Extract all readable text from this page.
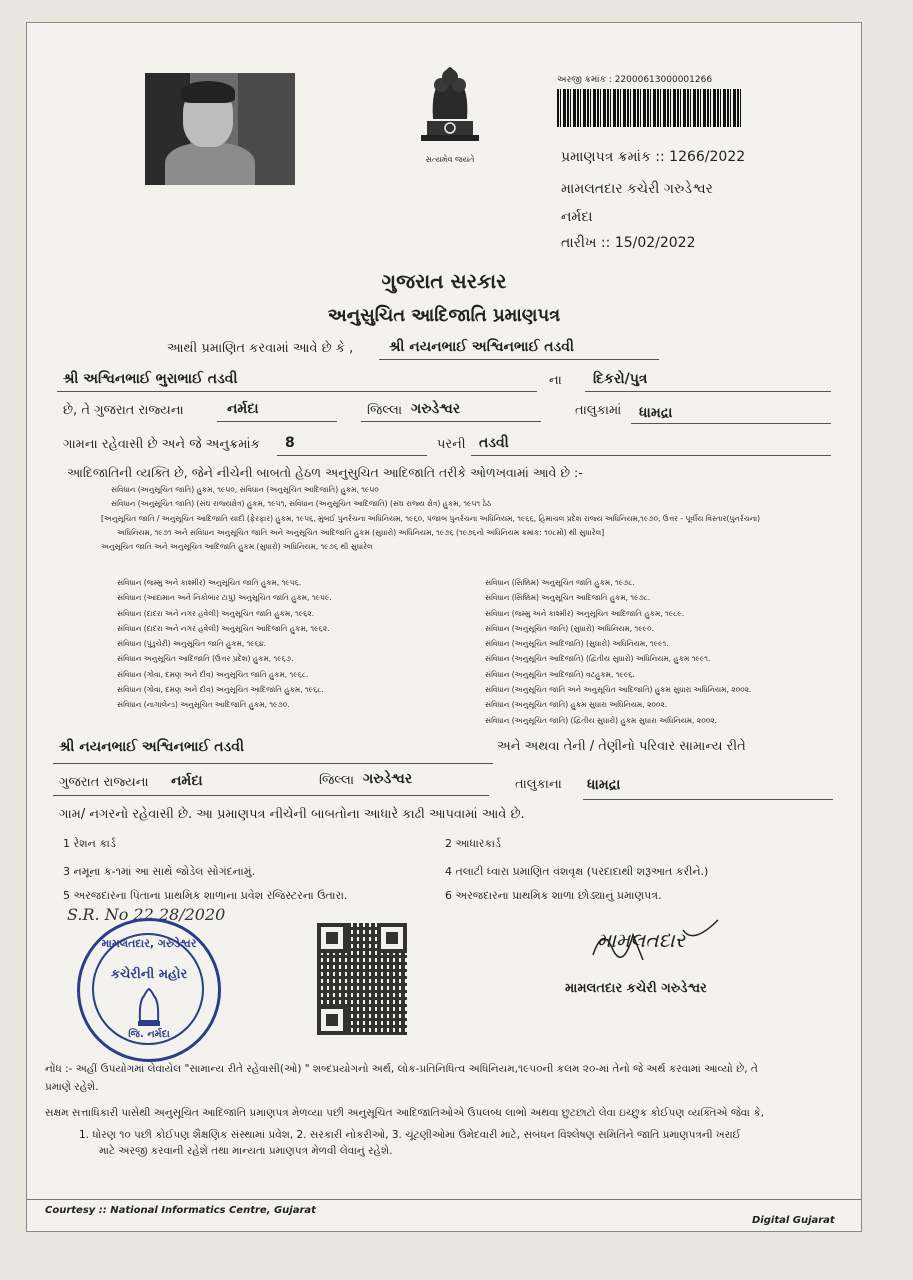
સત્યમેવ જયતે
અરજી ક્રમાંક : 22000613000001266
પ્રમાણપત્ર ક્રમાંક :: 1266/2022
મામલતદાર કચેરી ગરુડેશ્વર
નર્મદા
તારીખ :: 15/02/2022
ગુજરાત સરકાર
અનુસુચિત આદિજાતિ પ્રમાણપત્ર
આથી પ્રમાણિત કરવામાં આવે છે કે ,	શ્રી નયનભાઈ અશ્વિનભાઈ તડવી
શ્રી અશ્વિનભાઈ ભુરાભાઈ તડવી	ના દિકરો/પુત્ર
છે, તે ગુજરાત રાજ્યના	નર્મદા	જિલ્લા ગરુડેશ્વર	તાલુકામાં ધામદ્રા
ગામના રહેવાસી છે અને જે અનુક્રમાંક 8	પરની તડવી
આદિજાતિની વ્યક્તિ છે, જેને નીચેની બાબતો હેઠળ અનુસુચિત આદિજાતિ તરીકે ઓળખવામાં આવે છે :-
સંવિધાન (અનુસૂચિત જાતિ) હુકમ, ૧૯૫૦, સંવિધાન (અનુસૂચિત આદિજાતિ) હુકમ, ૧૯૫૦
સંવિધાન (અનુસૂચિત જાતિ) (સંઘ રાજ્યક્ષેત્ર) હુકમ, ૧૯૫૧, સંવિધાન (અનુસૂચિત આદિજાતિ) (સંઘ રાજ્ય ક્ષેત્ર) હુકમ, ૧૯૫૧ ઠેઠ
[અનુસૂચિત જાતિ / અનુસૂચિત આદિજાતિ યાદી (ફેરફાર) હુકમ, ૧૯૫૬, મુંબઈ પુનર્રચના અધિનિયમ, ૧૯૬૦, પંજાબ પુનર્રચના અધિનિયમ, ૧૯૬૬, હિમાચલ પ્રદેશ રાજ્ય અધિનિયમ,૧૯૭૦, ઉત્તર - પૂર્વીય વિસ્તાર(પુનર્રચના)
અધિનિયમ, ૧૯૭૧ અને સંવિધાન અનુસૂચિત જાતિ અને અનુસૂચિત આદિજાતિ હુકમ (સુધારો) અધિનિયમ, ૧૯૭૬ (૧૯૭૬નો અધિનિયમ ક્રમાંક: ૧૦૮મો) થી સુધારેલ]
અનુસૂચિત જાતિ અને અનુસૂચિત આદિજાતિ હુકમ (સુધારો) અધિનિયમ, ૧૯૭૬ થી સુધારેલ
સંવિધાન (જમ્મુ અને કાશ્મીર) અનુસૂચિત જાતિ હુકમ, ૧૯૫૬.
સંવિધાન (આંદામાન અને નિકોબાર ટાપુ) અનુસૂચિત જાતિ હુકમ, ૧૯૫૯.
સંવિધાન (દાદરા અને નગર હવેલી) અનુસૂચિત જાતિ હુકમ, ૧૯૬૨.
સંવિધાન (દાદરા અને નગર હવેલી) અનુસૂચિત આદિજાતિ હુકમ, ૧૯૬૨.
સંવિધાન (પુંડુચેરી) અનુસૂચિત જાતિ હુકમ, ૧૯૬૪.
સંવિધાન અનુસૂચિત આદિજાતિ (ઉત્તર પ્રદેશ) હુકમ, ૧૯૬૭.
સંવિધાન (ગોવા, દમણ અને દીવ) અનુસૂચિત જાતિ હુકમ, ૧૯૬૮.
સંવિધાન (ગોવા, દમણ અને દીવ) અનુસૂચિત આદિજાતિ હુકમ, ૧૯૬૮.
સંવિધાન (નાગાલેન્ડ) અનુસૂચિત આદિજાતિ હુકમ, ૧૯૭૦.
સંવિધાન (સિક્કિમ) અનુસૂચિત જાતિ હુકમ, ૧૯૭૮.
સંવિધાન (સિક્કિમ) અનુસૂચિત આદિજાતિ હુકમ, ૧૯૭૮.
સંવિધાન (જમ્મુ અને કાશ્મીર) અનુસૂચિત આદિજાતિ હુકમ, ૧૯૮૯.
સંવિધાન (અનુસૂચિત જાતિ) (સુધારો) અધિનિયમ, ૧૯૯૦.
સંવિધાન (અનુસૂચિત આદિજાતિ) (સુધારો) અધિનિયમ, ૧૯૯૧.
સંવિધાન (અનુસૂચિત આદિજાતિ) (દ્વિતીય સુધારો) અધિનિયમ, હુકમ ૧૯૯૧.
સંવિધાન (અનુસૂચિત આદિજાતિ) વટહુકમ, ૧૯૯૬.
સંવિધાન (અનુસૂચિત જાતિ અને અનુસૂચિત આદિજાતિ) હુકમ સુધારા અધિનિયમ, ૨૦૦૨.
સંવિધાન (અનુસૂચિત જાતિ) હુકમ સુધારા અધિનિયમ, ૨૦૦૨.
સંવિધાન (અનુસૂચિત જાતિ) (દ્વિતીય સુધારો) હુકમ સુધારા અધિનિયમ, ૨૦૦૨.
શ્રી નયનભાઈ અશ્વિનભાઈ તડવી	અને અથવા તેની / તેણીનો પરિવાર સામાન્ય રીતે
ગુજરાત રાજ્યના નર્મદા	જિલ્લા ગરુડેશ્વર	તાલુકાના ધામદ્રા
ગામ/ નગરનો રહેવાસી છે. આ પ્રમાણપત્ર નીચેની બાબતોના આધારે કાઢી આપવામાં આવે છે.
1 રેશન કાર્ડ	2 આધારકાર્ડ
3 નમૂના ક-૧માં આ સાથે જોડેલ સોગંદનામું.	4 તલાટી ધ્વારા પ્રમાણિત વંશવૃક્ષ (પરદાદાથી શરૂઆત કરીને.)
5 અરજદારના પિતાના પ્રાથમિક શાળાના પ્રવેશ રજિસ્ટરના ઉતારા.	6 અરજદારના પ્રાથમિક શાળા છોડ્યાનું પ્રમાણપત્ર.
S.R. No 22 28/2020
મામલતદાર, ગરુડેશ્વર
કચેરીની મહોર
જિ. નર્મદા
મામલતદાર
મામલતદાર કચેરી ગરુડેશ્વર
નોંધ :- અહીં ઉપયોગમાં લેવાયેલ "સામાન્ય રીતે રહેવાસી(ઓ) " શબ્દપ્રયોગનો અર્થ, લોક-પ્રતિનિધિત્વ અધિનિયમ,૧૯૫૦ની કલમ ૨૦-માં તેનો જે અર્થ કરવામાં આવ્યો છે, તે
પ્રમાણે રહેશે.
સક્ષમ સત્તાધિકારી પાસેથી અનુસૂચિત આદિજાતિ પ્રમાણપત્ર મેળવ્યા પછી અનુસૂચિત આદિજાતિઓએ ઉપલબ્ધ લાભો અથવા છુટછાટો લેવા ઇચ્છુક કોઈપણ વ્યક્તિએ જેવા કે,
1. ધોરણ ૧૦ પછી કોઈપણ શૈક્ષણિક સંસ્થામાં પ્રવેશ, 2. સરકારી નોકરીઓ, 3. ચૂંટણીઓમાં ઉમેદવારી માટે, સંબંધન વિશ્લેષણ સમિતિને જાતિ પ્રમાણપત્રની ખરાઈ
માટે અરજી કરવાની રહેશે તથા માન્યતા પ્રમાણપત્ર મેળવી લેવાનું રહેશે.
Courtesy :: National Informatics Centre, Gujarat
Digital Gujarat
